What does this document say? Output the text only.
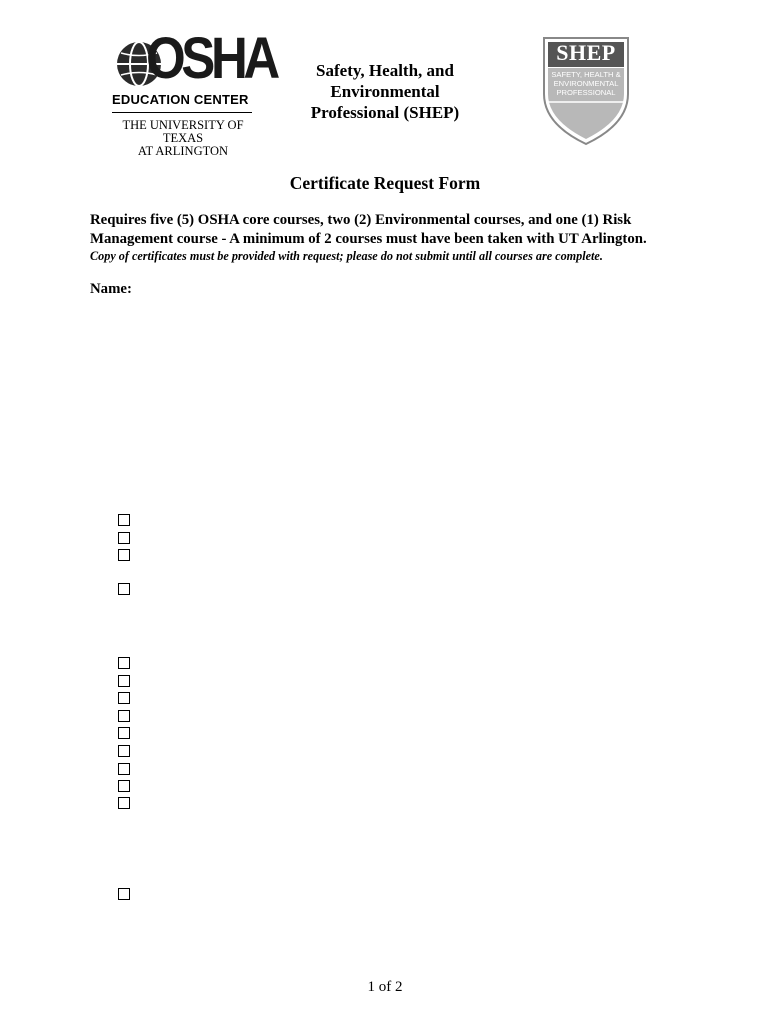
OSHA
EDUCATION CENTER
THE UNIVERSITY OF TEXAS
AT ARLINGTON
Safety, Health, and
Environmental
Professional (SHEP)
SHEP
SAFETY, HEALTH &
ENVIRONMENTAL
PROFESSIONAL
Certificate Request Form
Requires five (5) OSHA core courses, two (2) Environmental courses, and one (1) Risk
Management course - A minimum of 2 courses must have been taken with UT Arlington.
Copy of certificates must be provided with request; please do not submit until all courses are complete.
Name:
1 of 2
